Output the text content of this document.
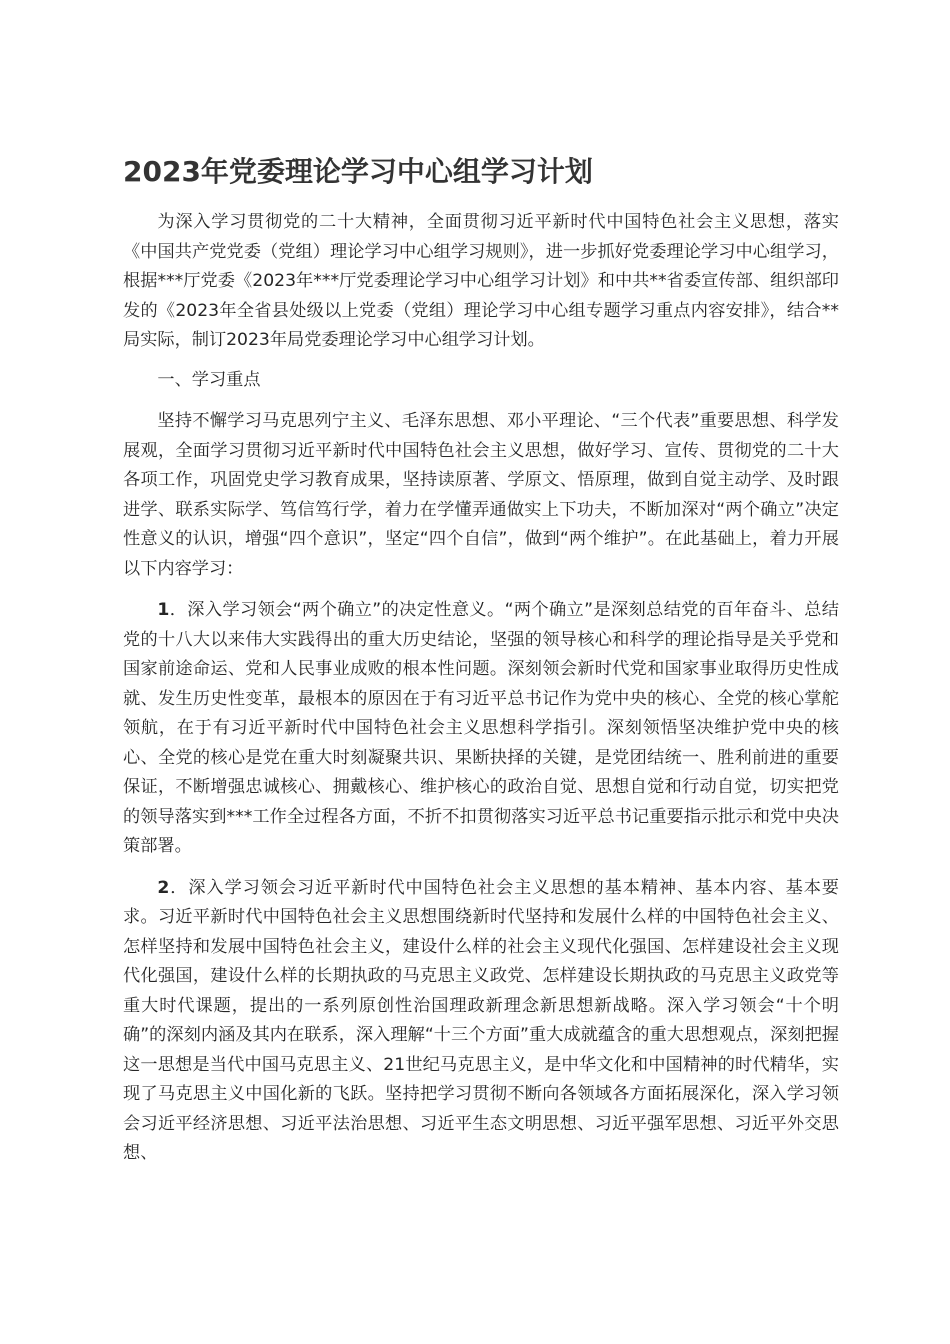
2023年党委理论学习中心组学习计划

为深入学习贯彻党的二十大精神，全面贯彻习近平新时代中国特色社会主义思想，落实《中国共产党党委（党组）理论学习中心组学习规则》，进一步抓好党委理论学习中心组学习，根据***厅党委《2023年***厅党委理论学习中心组学习计划》和中共**省委宣传部、组织部印发的《2023年全省县处级以上党委（党组）理论学习中心组专题学习重点内容安排》，结合**局实际，制订2023年局党委理论学习中心组学习计划。

一、学习重点

坚持不懈学习马克思列宁主义、毛泽东思想、邓小平理论、“三个代表”重要思想、科学发展观，全面学习贯彻习近平新时代中国特色社会主义思想，做好学习、宣传、贯彻党的二十大各项工作，巩固党史学习教育成果，坚持读原著、学原文、悟原理，做到自觉主动学、及时跟进学、联系实际学、笃信笃行学，着力在学懂弄通做实上下功夫，不断加深对“两个确立”决定性意义的认识，增强“四个意识”，坚定“四个自信”，做到“两个维护”。在此基础上，着力开展以下内容学习：

1．深入学习领会“两个确立”的决定性意义。“两个确立”是深刻总结党的百年奋斗、总结党的十八大以来伟大实践得出的重大历史结论，坚强的领导核心和科学的理论指导是关乎党和国家前途命运、党和人民事业成败的根本性问题。深刻领会新时代党和国家事业取得历史性成就、发生历史性变革，最根本的原因在于有习近平总书记作为党中央的核心、全党的核心掌舵领航，在于有习近平新时代中国特色社会主义思想科学指引。深刻领悟坚决维护党中央的核心、全党的核心是党在重大时刻凝聚共识、果断抉择的关键，是党团结统一、胜利前进的重要保证，不断增强忠诚核心、拥戴核心、维护核心的政治自觉、思想自觉和行动自觉，切实把党的领导落实到***工作全过程各方面，不折不扣贯彻落实习近平总书记重要指示批示和党中央决策部署。

2．深入学习领会习近平新时代中国特色社会主义思想的基本精神、基本内容、基本要求。习近平新时代中国特色社会主义思想围绕新时代坚持和发展什么样的中国特色社会主义、怎样坚持和发展中国特色社会主义，建设什么样的社会主义现代化强国、怎样建设社会主义现代化强国，建设什么样的长期执政的马克思主义政党、怎样建设长期执政的马克思主义政党等重大时代课题，提出的一系列原创性治国理政新理念新思想新战略。深入学习领会“十个明确”的深刻内涵及其内在联系，深入理解“十三个方面”重大成就蕴含的重大思想观点，深刻把握这一思想是当代中国马克思主义、21世纪马克思主义，是中华文化和中国精神的时代精华，实现了马克思主义中国化新的飞跃。坚持把学习贯彻不断向各领域各方面拓展深化，深入学习领会习近平经济思想、习近平法治思想、习近平生态文明思想、习近平强军思想、习近平外交思想、
